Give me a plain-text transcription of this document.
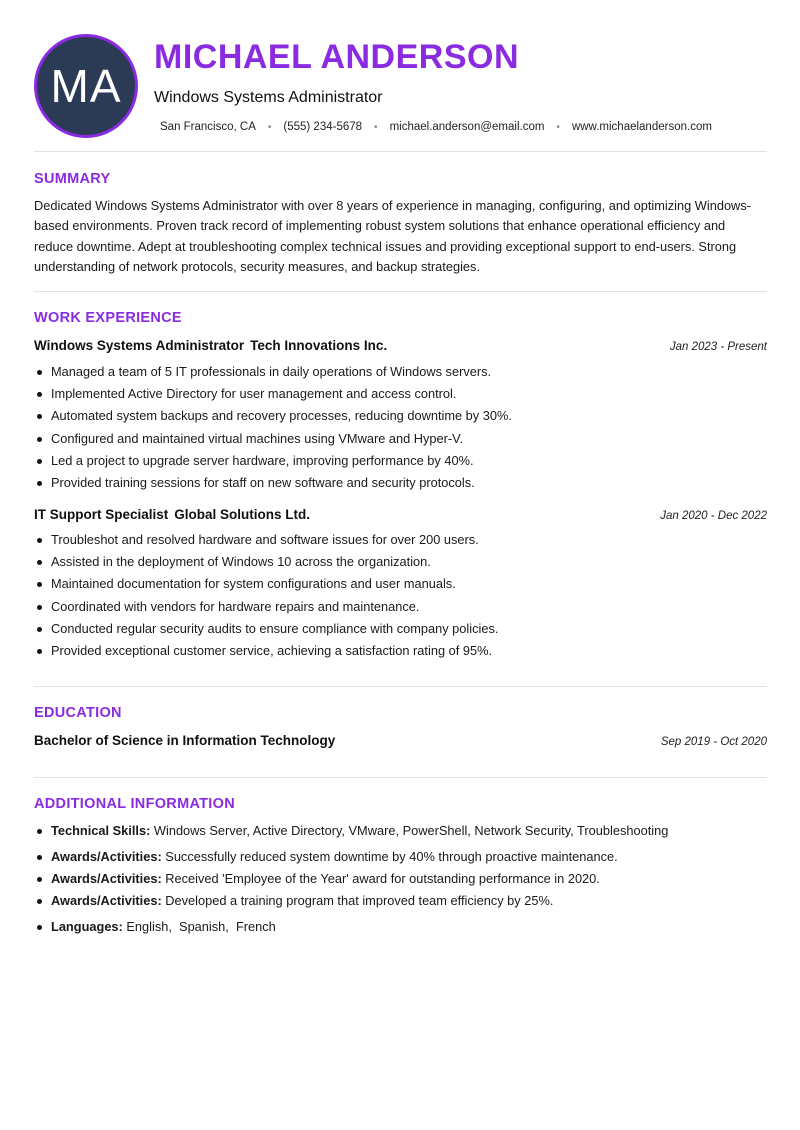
MA
MICHAEL ANDERSON
Windows Systems Administrator
San Francisco, CA • (555) 234-5678 • michael.anderson@email.com • www.michaelanderson.com
SUMMARY
Dedicated Windows Systems Administrator with over 8 years of experience in managing, configuring, and optimizing Windows-based environments. Proven track record of implementing robust system solutions that enhance operational efficiency and reduce downtime. Adept at troubleshooting complex technical issues and providing exceptional support to end-users. Strong understanding of network protocols, security measures, and backup strategies.
WORK EXPERIENCE
Windows Systems Administrator Tech Innovations Inc.	Jan 2023 - Present
Managed a team of 5 IT professionals in daily operations of Windows servers.
Implemented Active Directory for user management and access control.
Automated system backups and recovery processes, reducing downtime by 30%.
Configured and maintained virtual machines using VMware and Hyper-V.
Led a project to upgrade server hardware, improving performance by 40%.
Provided training sessions for staff on new software and security protocols.
IT Support Specialist Global Solutions Ltd.	Jan 2020 - Dec 2022
Troubleshot and resolved hardware and software issues for over 200 users.
Assisted in the deployment of Windows 10 across the organization.
Maintained documentation for system configurations and user manuals.
Coordinated with vendors for hardware repairs and maintenance.
Conducted regular security audits to ensure compliance with company policies.
Provided exceptional customer service, achieving a satisfaction rating of 95%.
EDUCATION
Bachelor of Science in Information Technology	Sep 2019 - Oct 2020
ADDITIONAL INFORMATION
Technical Skills: Windows Server, Active Directory, VMware, PowerShell, Network Security, Troubleshooting
Awards/Activities: Successfully reduced system downtime by 40% through proactive maintenance.
Awards/Activities: Received 'Employee of the Year' award for outstanding performance in 2020.
Awards/Activities: Developed a training program that improved team efficiency by 25%.
Languages: English,  Spanish,  French
